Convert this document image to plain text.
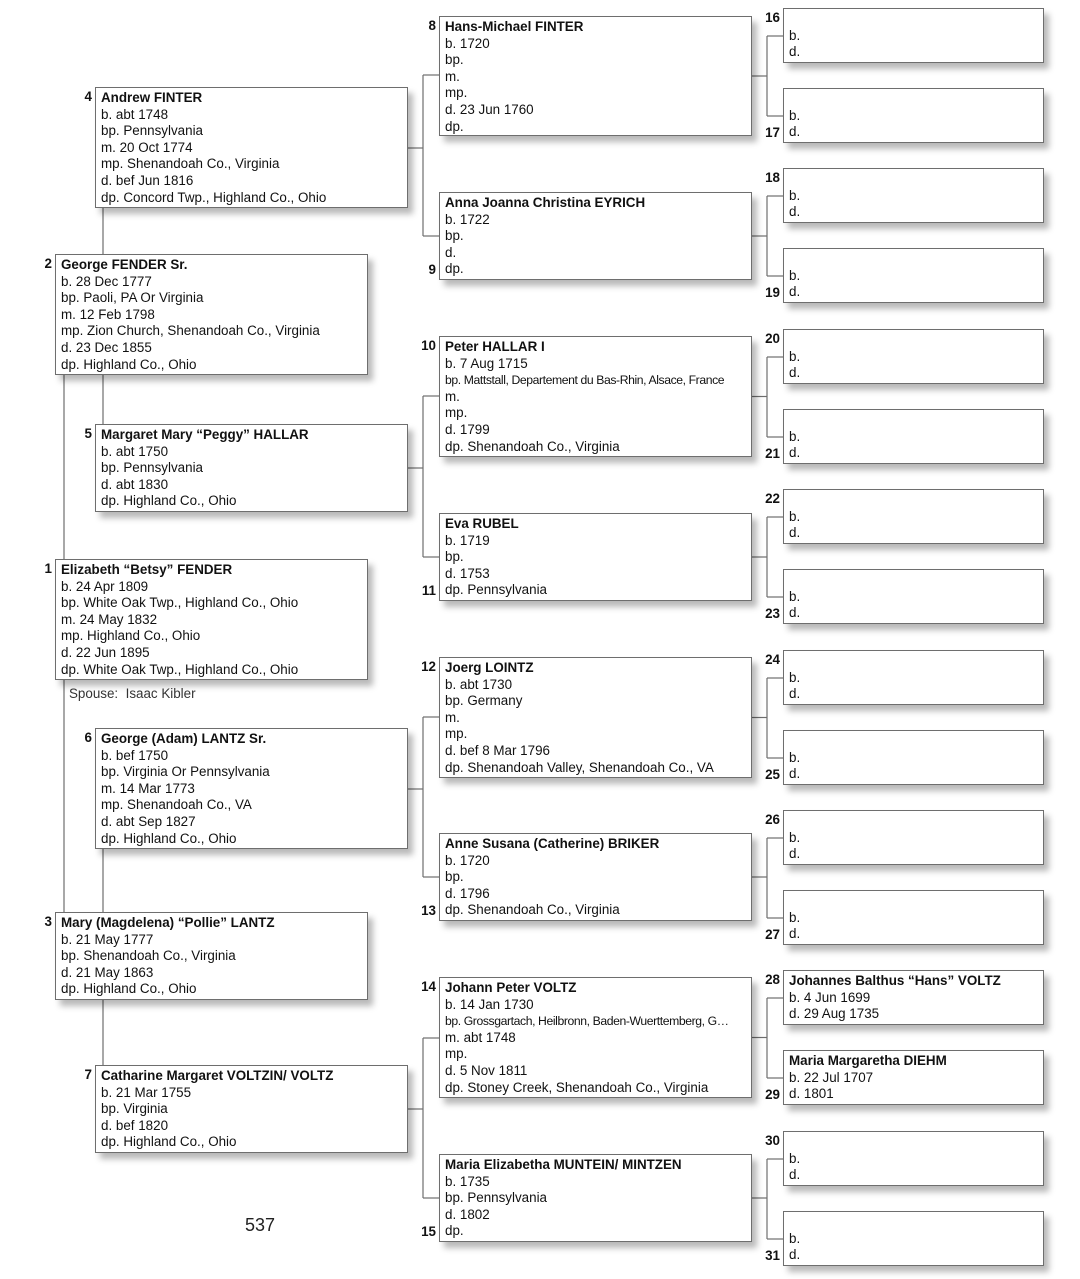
Elizabeth “Betsy” FENDER
b. 24 Apr 1809
bp. White Oak Twp., Highland Co., Ohio
m. 24 May 1832
mp. Highland Co., Ohio
d. 22 Jun 1895
dp. White Oak Twp., Highland Co., Ohio
1
George FENDER Sr.
b. 28 Dec 1777
bp. Paoli, PA Or Virginia
m. 12 Feb 1798
mp. Zion Church, Shenandoah Co., Virginia
d. 23 Dec 1855
dp. Highland Co., Ohio
2
Mary (Magdelena) “Pollie” LANTZ
b. 21 May 1777
bp. Shenandoah Co., Virginia
d. 21 May 1863
dp. Highland Co., Ohio
3
Andrew FINTER
b. abt 1748
bp. Pennsylvania
m. 20 Oct 1774
mp. Shenandoah Co., Virginia
d. bef Jun 1816
dp. Concord Twp., Highland Co., Ohio
4
Margaret Mary “Peggy” HALLAR
b. abt 1750
bp. Pennsylvania
d. abt 1830
dp. Highland Co., Ohio
5
George (Adam) LANTZ Sr.
b. bef 1750
bp. Virginia Or Pennsylvania
m. 14 Mar 1773
mp. Shenandoah Co., VA
d. abt Sep 1827
dp. Highland Co., Ohio
6
Catharine Margaret VOLTZIN/ VOLTZ
b. 21 Mar 1755
bp. Virginia
d. bef 1820
dp. Highland Co., Ohio
7
Hans-Michael FINTER
b. 1720
bp.
m.
mp.
d. 23 Jun 1760
dp.
8
Anna Joanna Christina EYRICH
b. 1722
bp.
d.
dp.
9
Peter HALLAR I
b. 7 Aug 1715
bp. Mattstall, Departement du Bas-Rhin, Alsace, France
m.
mp.
d. 1799
dp. Shenandoah Co., Virginia
10
Eva RUBEL
b. 1719
bp.
d. 1753
dp. Pennsylvania
11
Joerg LOINTZ
b. abt 1730
bp. Germany
m.
mp.
d. bef 8 Mar 1796
dp. Shenandoah Valley, Shenandoah Co., VA
12
Anne Susana (Catherine) BRIKER
b. 1720
bp.
d. 1796
dp. Shenandoah Co., Virginia
13
Johann Peter VOLTZ
b. 14 Jan 1730
bp. Grossgartach, Heilbronn, Baden-Wuerttemberg, G…
m. abt 1748
mp.
d. 5 Nov 1811
dp. Stoney Creek, Shenandoah Co., Virginia
14
Maria Elizabetha MUNTEIN/ MINTZEN
b. 1735
bp. Pennsylvania
d. 1802
dp.
15
b.
d.
16
b.
d.
17
b.
d.
18
b.
d.
19
b.
d.
20
b.
d.
21
b.
d.
22
b.
d.
23
b.
d.
24
b.
d.
25
b.
d.
26
b.
d.
27
Johannes Balthus “Hans” VOLTZ
b. 4 Jun 1699
d. 29 Aug 1735
28
Maria Margaretha DIEHM
b. 22 Jul 1707
d. 1801
29
b.
d.
30
b.
d.
31
Spouse: Isaac Kibler
537
